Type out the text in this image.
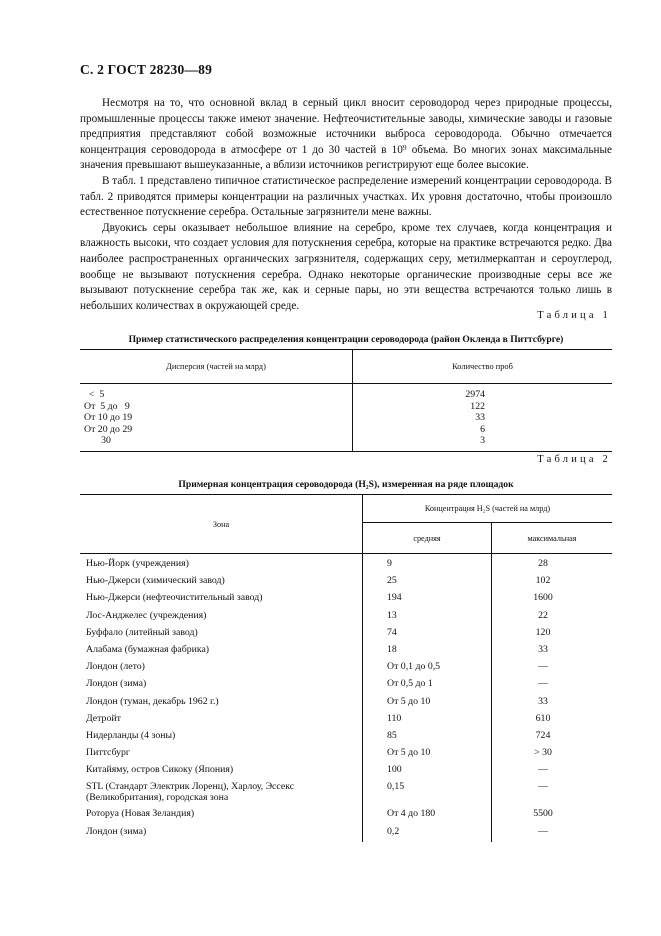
С. 2 ГОСТ 28230—89

Несмотря на то, что основной вклад в серный цикл вносит сероводород через природные процессы, промышленные процессы также имеют значение. Нефтеочистительные заводы, химические заводы и газовые предприятия представляют собой возможные источники выброса сероводорода. Обычно отмечается концентрация сероводорода в атмосфере от 1 до 30 частей в 10⁹ объема. Во многих зонах максимальные значения превышают вышеуказанные, а вблизи источников регистрируют еще более высокие.

В табл. 1 представлено типичное статистическое распределение измерений концентрации сероводорода. В табл. 2 приводятся примеры концентрации на различных участках. Их уровня достаточно, чтобы произошло естественное потускнение серебра. Остальные загрязнители мене важны.

Двуокись серы оказывает небольшое влияние на серебро, кроме тех случаев, когда концентрация и влажность высоки, что создает условия для потускнения серебра, которые на практике встречаются редко. Два наиболее распространенных органических загрязнителя, содержащих серу, метилмеркаптан и сероуглерод, вообще не вызывают потускнения серебра. Однако некоторые органические производные серы все же вызывают потускнение серебра так же, как и серные пары, но эти вещества встречаются только лишь в небольших количествах в окружающей среде.

Таблица 1
Пример статистического распределения концентрации сероводорода (район Окленда в Питтсбурге)
Дисперсия (частей на млрд)	Количество проб
<  5	2974
От  5 до   9	122
От 10 до 19	33
От 20 до 29	6
30	3
Таблица 2
Примерная концентрация сероводорода (H₂S), измеренная на ряде площадок
Зона	Концентрация H₂S (частей на млрд)	
	средняя	максимальная
Нью-Йорк (учреждения)	9	28
Нью-Джерси (химический завод)	25	102
Нью-Джерси (нефтеочистительный завод)	194	1600
Лос-Анджелес (учреждения)	13	22
Буффало (литейный завод)	74	120
Алабама (бумажная фабрика)	18	33
Лондон (лето)	От 0,1 до 0,5	—
Лондон (зима)	От 0,5 до 1	—
Лондон (туман, декабрь 1962 г.)	От 5 до 10	33
Детройт	110	610
Нидерланды (4 зоны)	85	724
Питтсбург	От 5 до 10	> 30
Китайяму, остров Сикоку (Япония)	100	—
STL (Стандарт Электрик Лоренц), Харлоу, Эссекс (Великобритания), городская зона	0,15	—
Роторуа (Новая Зеландия)	От 4 до 180	5500
Лондон (зима)	0,2	—
